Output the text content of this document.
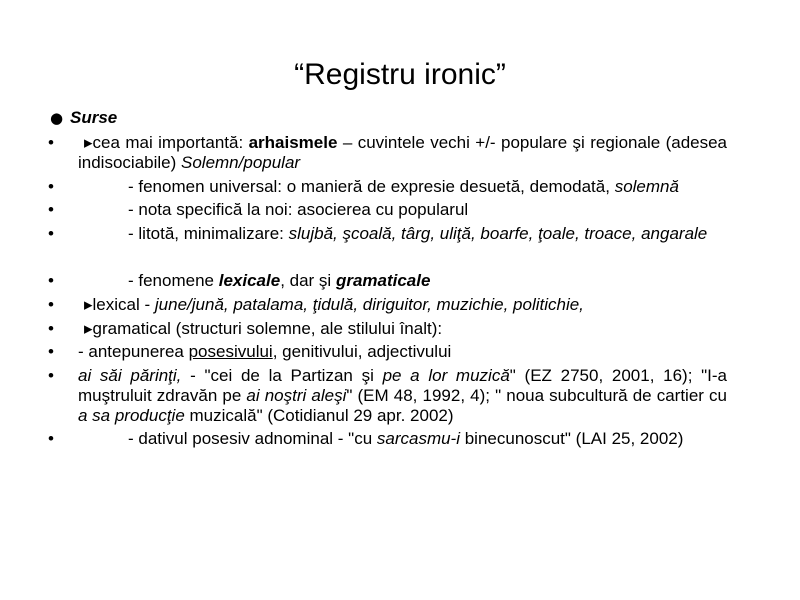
“Registru ironic”
● Surse
• ▸cea mai importantă: arhaismele – cuvintele vechi +/- populare şi regionale (adesea indisociabile) Solemn/popular
•	- fenomen universal: o manieră de expresie desuetă, demodată, solemnă
•	- nota specifică la noi: asocierea cu popularul
•	- litotă, minimalizare: slujbă, şcoală, târg, uliţă, boarfe, ţoale, troace, angarale
•	- fenomene lexicale, dar şi gramaticale
• ▸lexical - june/jună, patalama, ţidulă, diriguitor, muzichie, politichie,
• ▸gramatical (structuri solemne, ale stilului înalt):
• - antepunerea posesivului, genitivului, adjectivului
• ai săi părinţi, - "cei de la Partizan şi pe a lor muzică" (EZ 2750, 2001, 16); "I-a muştruluit zdravăn pe ai noştri aleşi" (EM 48, 1992, 4); " noua subcultură de cartier cu a sa producţie muzicală" (Cotidianul 29 apr. 2002)
•	- dativul posesiv adnominal - "cu sarcasmu-i binecunoscut" (LAI 25, 2002)
